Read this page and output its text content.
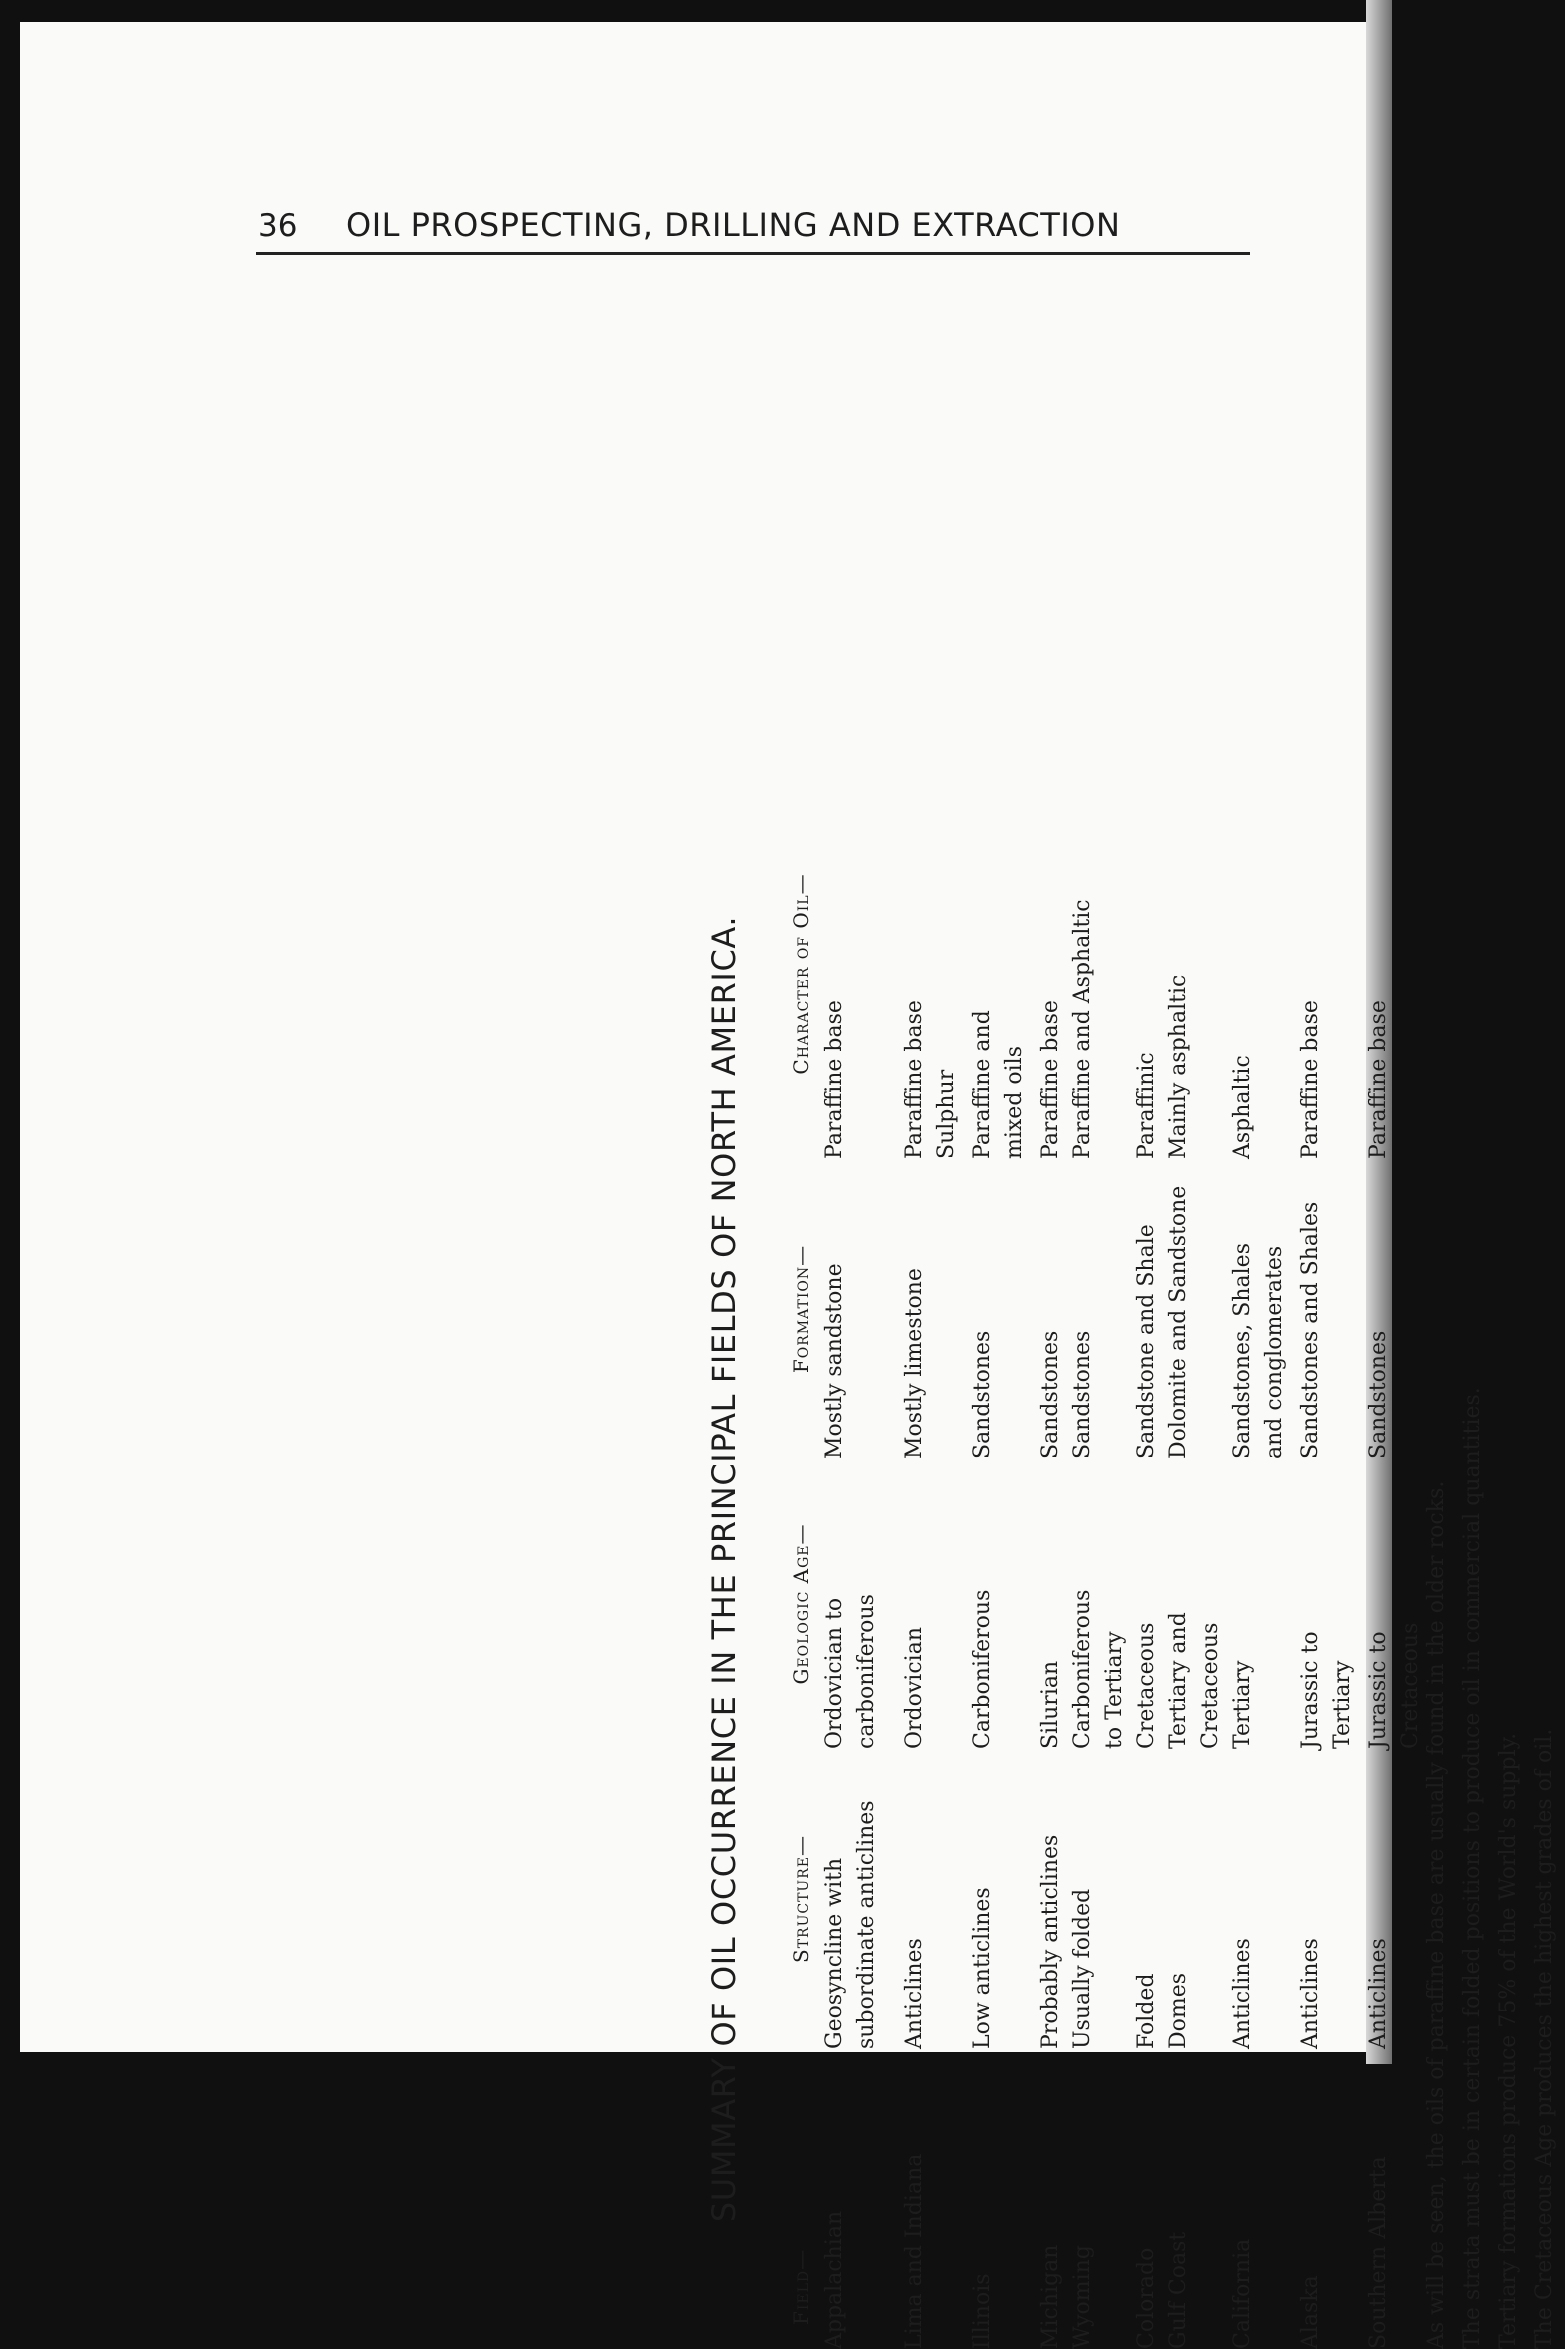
36 OIL PROSPECTING, DRILLING AND EXTRACTION
SUMMARY OF OIL OCCURRENCE IN THE PRINCIPAL FIELDS OF NORTH AMERICA.
Field—
Structure—
Geologic Age—
Formation—
Character of Oil—
Appalachian
Geosyncline with subordinate anticlines
Ordovician to carboniferous
Mostly sandstone
Paraffine base
Lima and Indiana
Anticlines
Ordovician
Mostly limestone
Paraffine base Sulphur
Illinois
Low anticlines
Carboniferous
Sandstones
Paraffine and mixed oils
Michigan
Probably anticlines
Silurian
Sandstones
Paraffine base
Wyoming
Usually folded
Carboniferous to Tertiary
Sandstones
Paraffine and Asphaltic
Colorado
Folded
Cretaceous
Sandstone and Shale
Paraffinic
Gulf Coast
Domes
Tertiary and Cretaceous
Dolomite and Sandstone
Mainly asphaltic
California
Anticlines
Tertiary
Sandstones, Shales and conglomerates
Asphaltic
Alaska
Anticlines
Jurassic to Tertiary
Sandstones and Shales
Paraffine base
Southern Alberta
Anticlines
Jurassic to Cretaceous
Sandstones
Paraffine base
As will be seen, the oils of paraffine base are usually found in the older rocks. The strata must be in certain folded positions to produce oil in commercial quantities. Tertiary formations produce 75% of the World's supply. The Cretaceous Age produces the highest grades of oil.
